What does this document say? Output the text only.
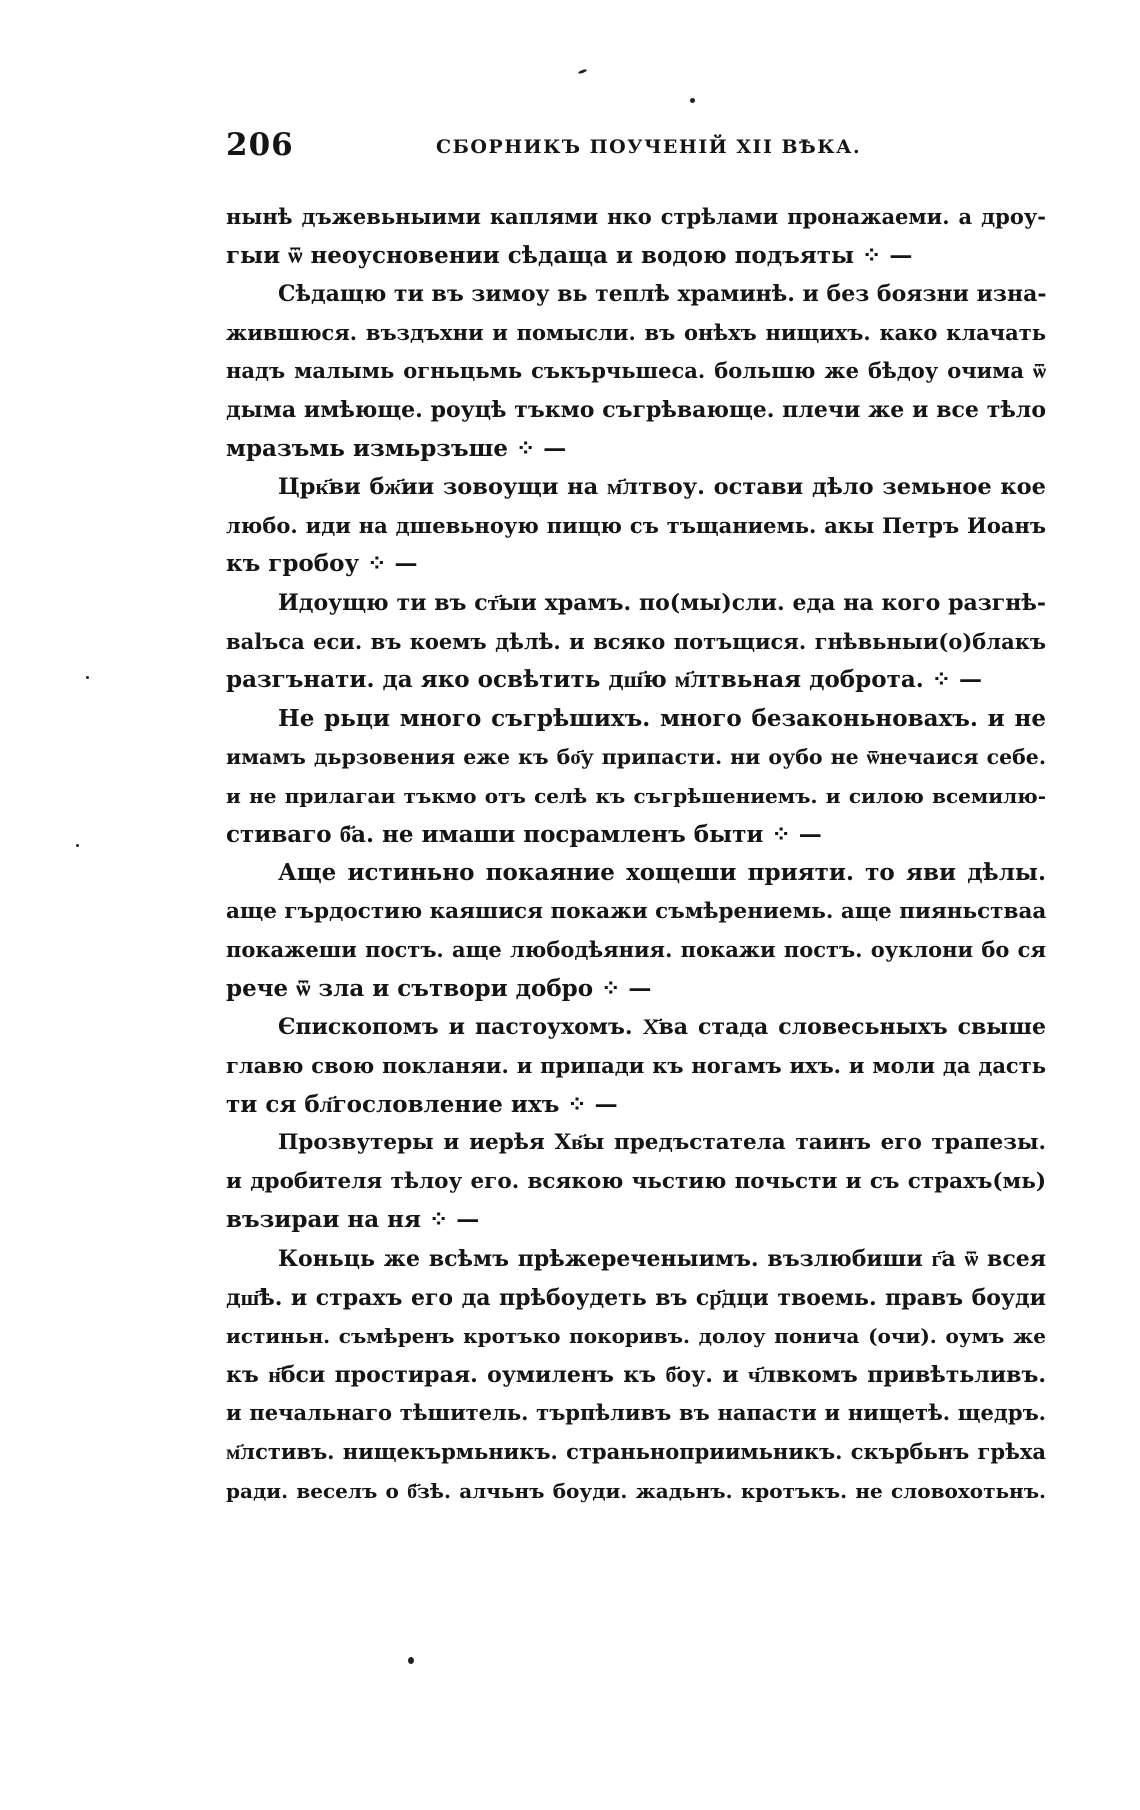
206	СБОРНИКЪ ПОУЧЕНІЙ XII ВѢКА.
нынѣ дъжевьныими каплями нко стрѣлами пронажаеми. а дроу-
гыи ѿ неоусновении сѣдаща и водою подъяты ⁘ —
Сѣдащю ти въ зимоу вь теплѣ храминѣ. и без боязни изна-
жившюся. въздъхни и помысли. въ онѣхъ нищихъ. како клачать
надъ малымь огньцьмь съкърчьшеса. большю же бѣдоу очима ѿ
дыма имѣюще. роуцѣ тъкмо съгрѣвающе. плечи же и все тѣло
мразъмь измьрзъше ⁘ —
Црк҃ви бж҃ии зовоущи на м҃лтвоу. остави дѣло земьное кое
любо. иди на дшевьноую пищю съ тъщаниемь. акы Петръ Иоанъ
къ гробоу ⁘ —
Идоущю ти въ ст҃ыи храмъ. по(мы)сли. еда на кого разгнѣ-
ваlъса еси. въ коемъ дѣлѣ. и всяко потъщися. гнѣвьныи(о)блакъ
разгънати. да яко освѣтить дш҃ю м҃лтвьная доброта. ⁘ —
Не рьци много съгрѣшихъ. много безаконьновахъ. и не
имамъ дьрзовения еже къ бо҃у припасти. ни оубо не ѿнечаися себе.
и не прилагаи тъкмо отъ селѣ къ съгрѣшениемъ. и силою всемилю-
стиваго б҃а. не имаши посрамленъ быти ⁘ —
Аще истиньно покаяние хощеши прияти. то яви дѣлы.
аще гърдостию каяшися покажи съмѣрениемь. аще пияньстваа
покажеши постъ. аще любодѣяния. покажи постъ. оуклони бо ся
рече ѿ зла и сътвори добро ⁘ —
Єпископомъ и пастоухомъ. Х҃ва стада словесьныхъ свыше
главю свою покланяи. и припади къ ногамъ ихъ. и моли да дасть
ти ся бл҃гословление ихъ ⁘ —
Прозвутеры и иерѣя Хв҃ы предъстатела таинъ его трапезы.
и дробителя тѣлоу его. всякою чьстию почьсти и съ страхъ(мь)
възираи на ня ⁘ —
Коньць же всѣмъ прѣжереченыимъ. възлюбиши г҃а ѿ всея
дш҃ѣ. и страхъ его да прѣбоудеть въ ср҃дци твоемь. правъ боуди
истиньн. съмѣренъ кротъко покоривъ. долоу понича (очи). оумъ же
къ н҃бси простирая. оумиленъ къ б҃оу. и ч҃лвкомъ привѣтьливъ.
и печальнаго тѣшитель. търпѣливъ въ напасти и нищетѣ. щедръ.
м҃лстивъ. нищекърмьникъ. страньноприимьникъ. скърбьнъ грѣха
ради. веселъ о б҃зѣ. алчьнъ боуди. жадьнъ. кротъкъ. не словохотьнъ.
